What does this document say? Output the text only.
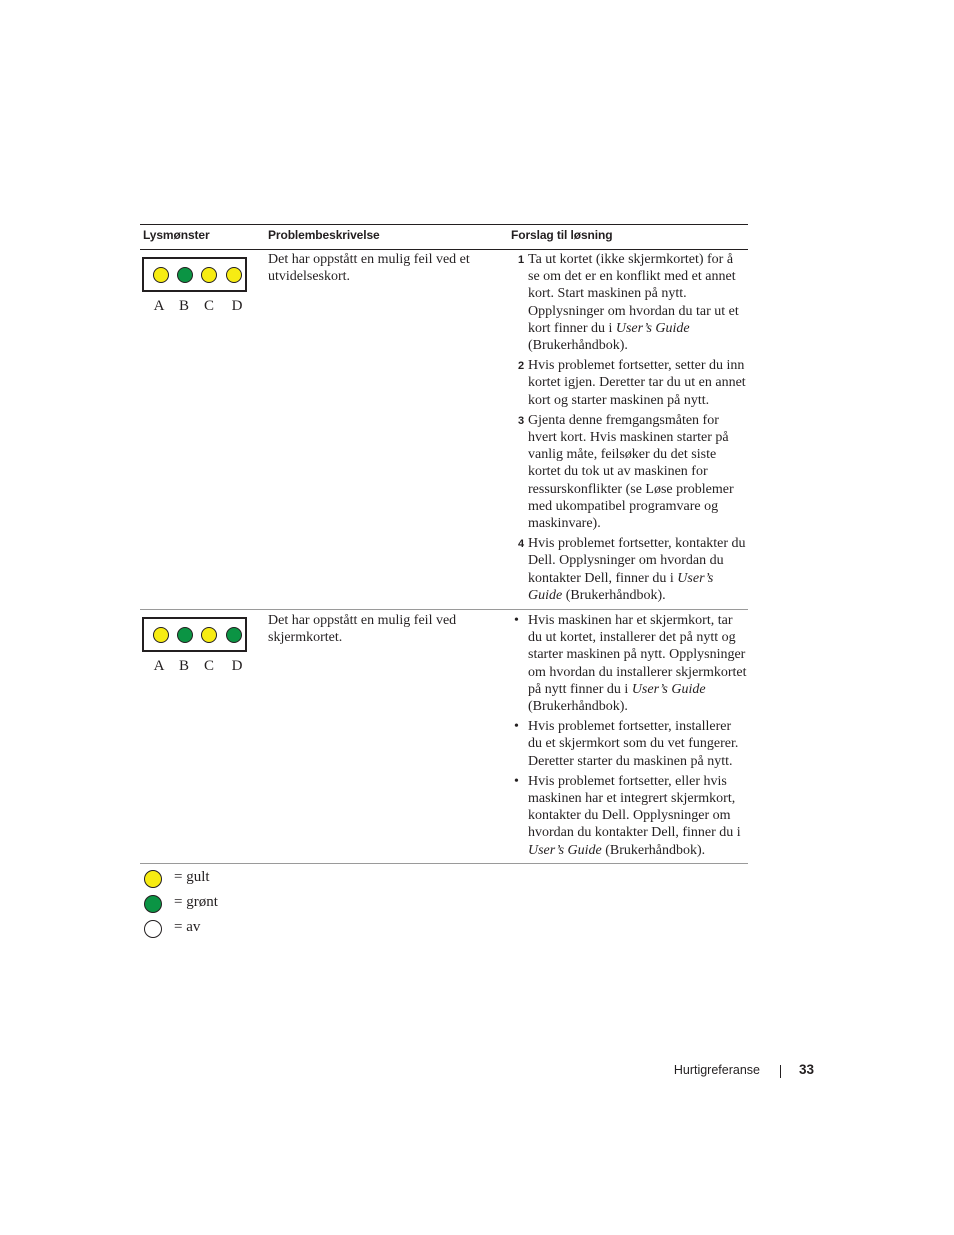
Lysmønster	Problembeskrivelse	Forslag til løsning
A B C D
Det har oppstått en mulig feil ved et utvidelseskort.
1 Ta ut kortet (ikke skjermkortet) for å se om det er en konflikt med et annet kort. Start maskinen på nytt. Opplysninger om hvordan du tar ut et kort finner du i User’s Guide (Brukerhåndbok).
2 Hvis problemet fortsetter, setter du inn kortet igjen. Deretter tar du ut en annet kort og starter maskinen på nytt.
3 Gjenta denne fremgangsmåten for hvert kort. Hvis maskinen starter på vanlig måte, feilsøker du det siste kortet du tok ut av maskinen for ressurskonflikter (se Løse problemer med ukompatibel programvare og maskinvare).
4 Hvis problemet fortsetter, kontakter du Dell. Opplysninger om hvordan du kontakter Dell, finner du i User’s Guide (Brukerhåndbok).
A B C D
Det har oppstått en mulig feil ved skjermkortet.
• Hvis maskinen har et skjermkort, tar du ut kortet, installerer det på nytt og starter maskinen på nytt. Opplysninger om hvordan du installerer skjermkortet på nytt finner du i User’s Guide (Brukerhåndbok).
• Hvis problemet fortsetter, installerer du et skjermkort som du vet fungerer. Deretter starter du maskinen på nytt.
• Hvis problemet fortsetter, eller hvis maskinen har et integrert skjermkort, kontakter du Dell. Opplysninger om hvordan du kontakter Dell, finner du i User’s Guide (Brukerhåndbok).
= gult
= grønt
= av
Hurtigreferanse	33
